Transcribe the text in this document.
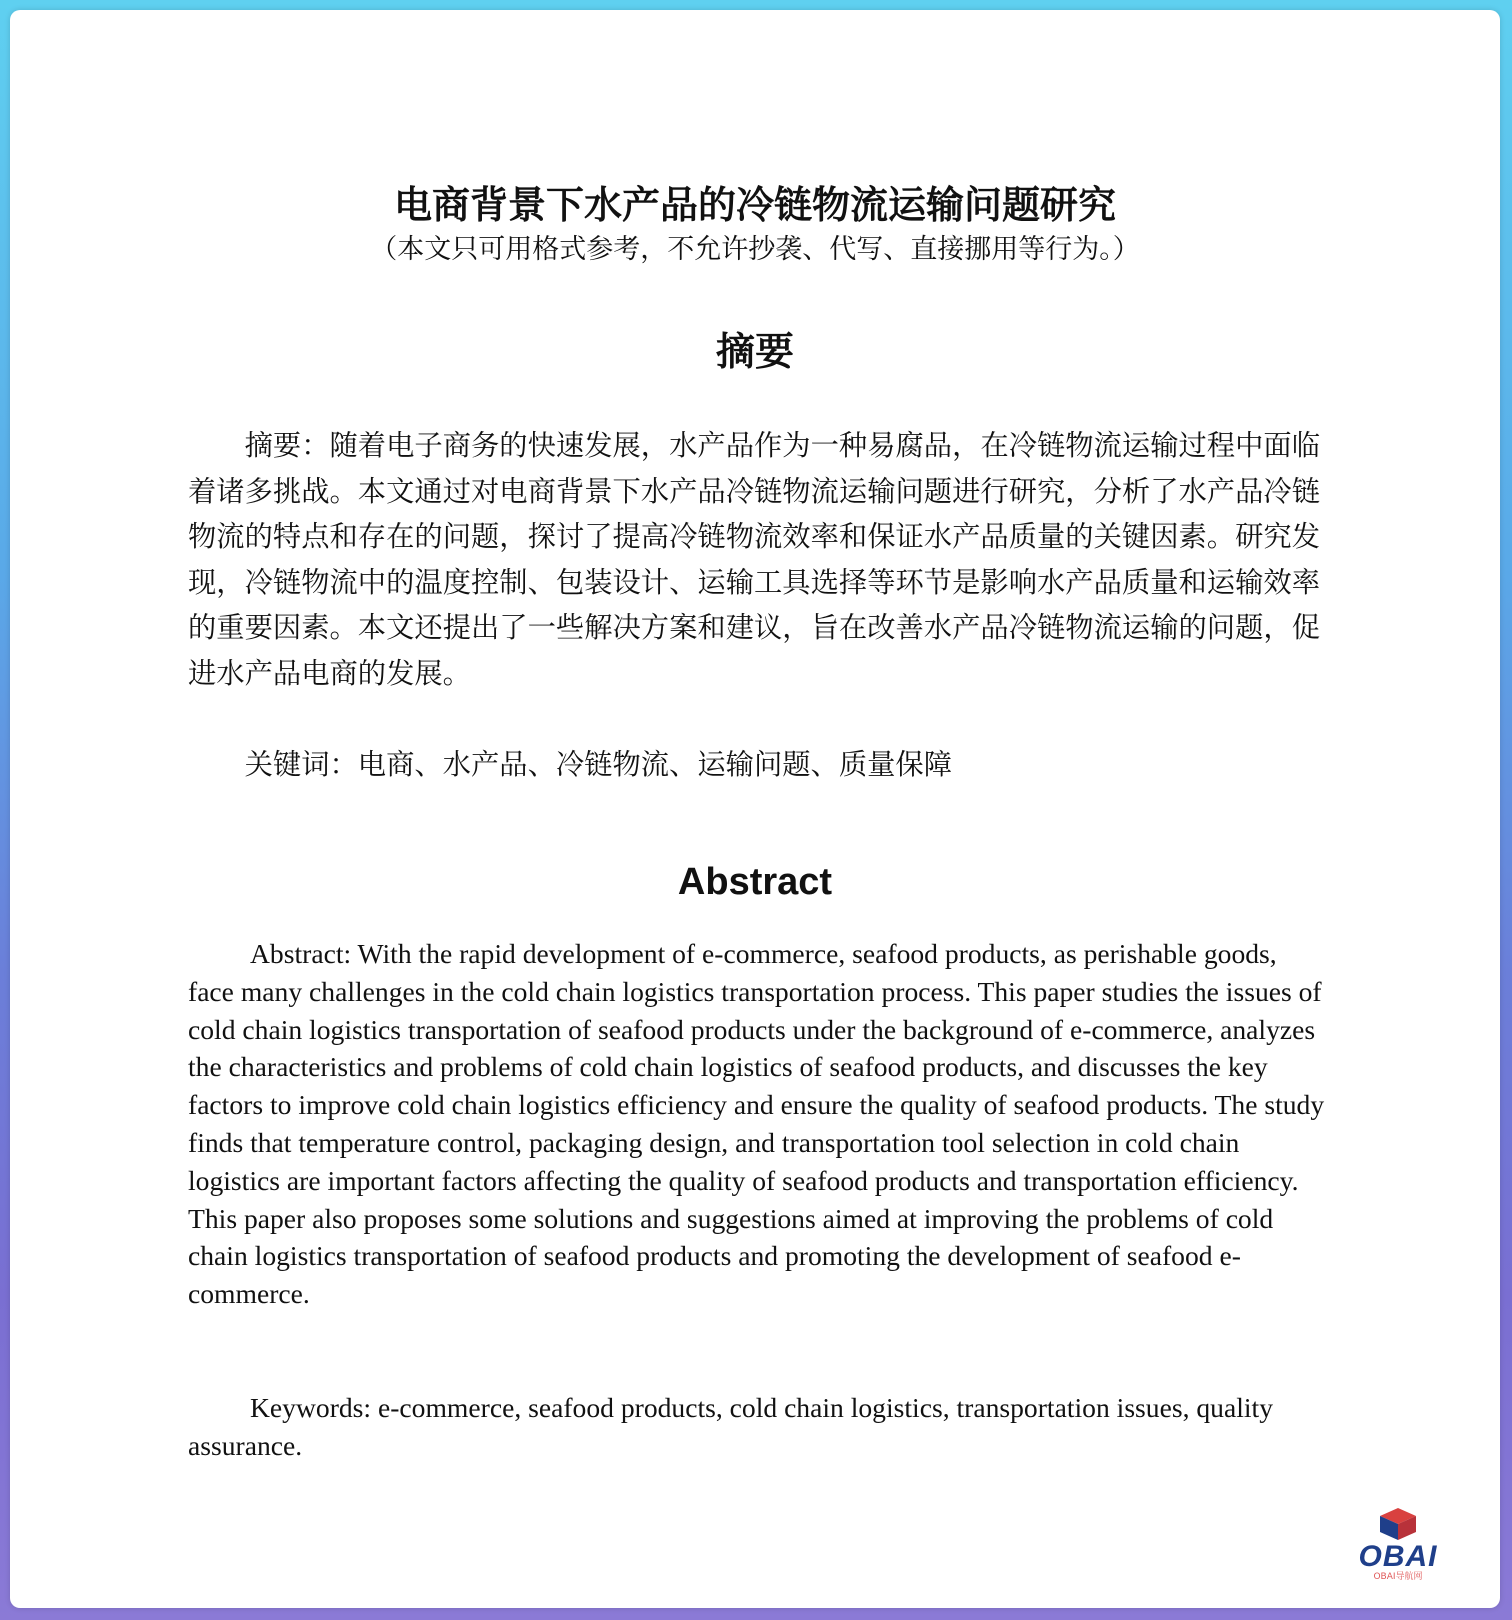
电商背景下水产品的冷链物流运输问题研究

（本文只可用格式参考，不允许抄袭、代写、直接挪用等行为。）

摘要

摘要：随着电子商务的快速发展，水产品作为一种易腐品，在冷链物流运输过程中面临着诸多挑战。本文通过对电商背景下水产品冷链物流运输问题进行研究，分析了水产品冷链物流的特点和存在的问题，探讨了提高冷链物流效率和保证水产品质量的关键因素。研究发现，冷链物流中的温度控制、包装设计、运输工具选择等环节是影响水产品质量和运输效率的重要因素。本文还提出了一些解决方案和建议，旨在改善水产品冷链物流运输的问题，促进水产品电商的发展。

关键词：电商、水产品、冷链物流、运输问题、质量保障

Abstract

Abstract: With the rapid development of e-commerce, seafood products, as perishable goods, face many challenges in the cold chain logistics transportation process. This paper studies the issues of cold chain logistics transportation of seafood products under the background of e-commerce, analyzes the characteristics and problems of cold chain logistics of seafood products, and discusses the key factors to improve cold chain logistics efficiency and ensure the quality of seafood products. The study finds that temperature control, packaging design, and transportation tool selection in cold chain logistics are important factors affecting the quality of seafood products and transportation efficiency. This paper also proposes some solutions and suggestions aimed at improving the problems of cold chain logistics transportation of seafood products and promoting the development of seafood e-commerce.

Keywords: e-commerce, seafood products, cold chain logistics, transportation issues, quality assurance.

OBAI
OBAI导航网
